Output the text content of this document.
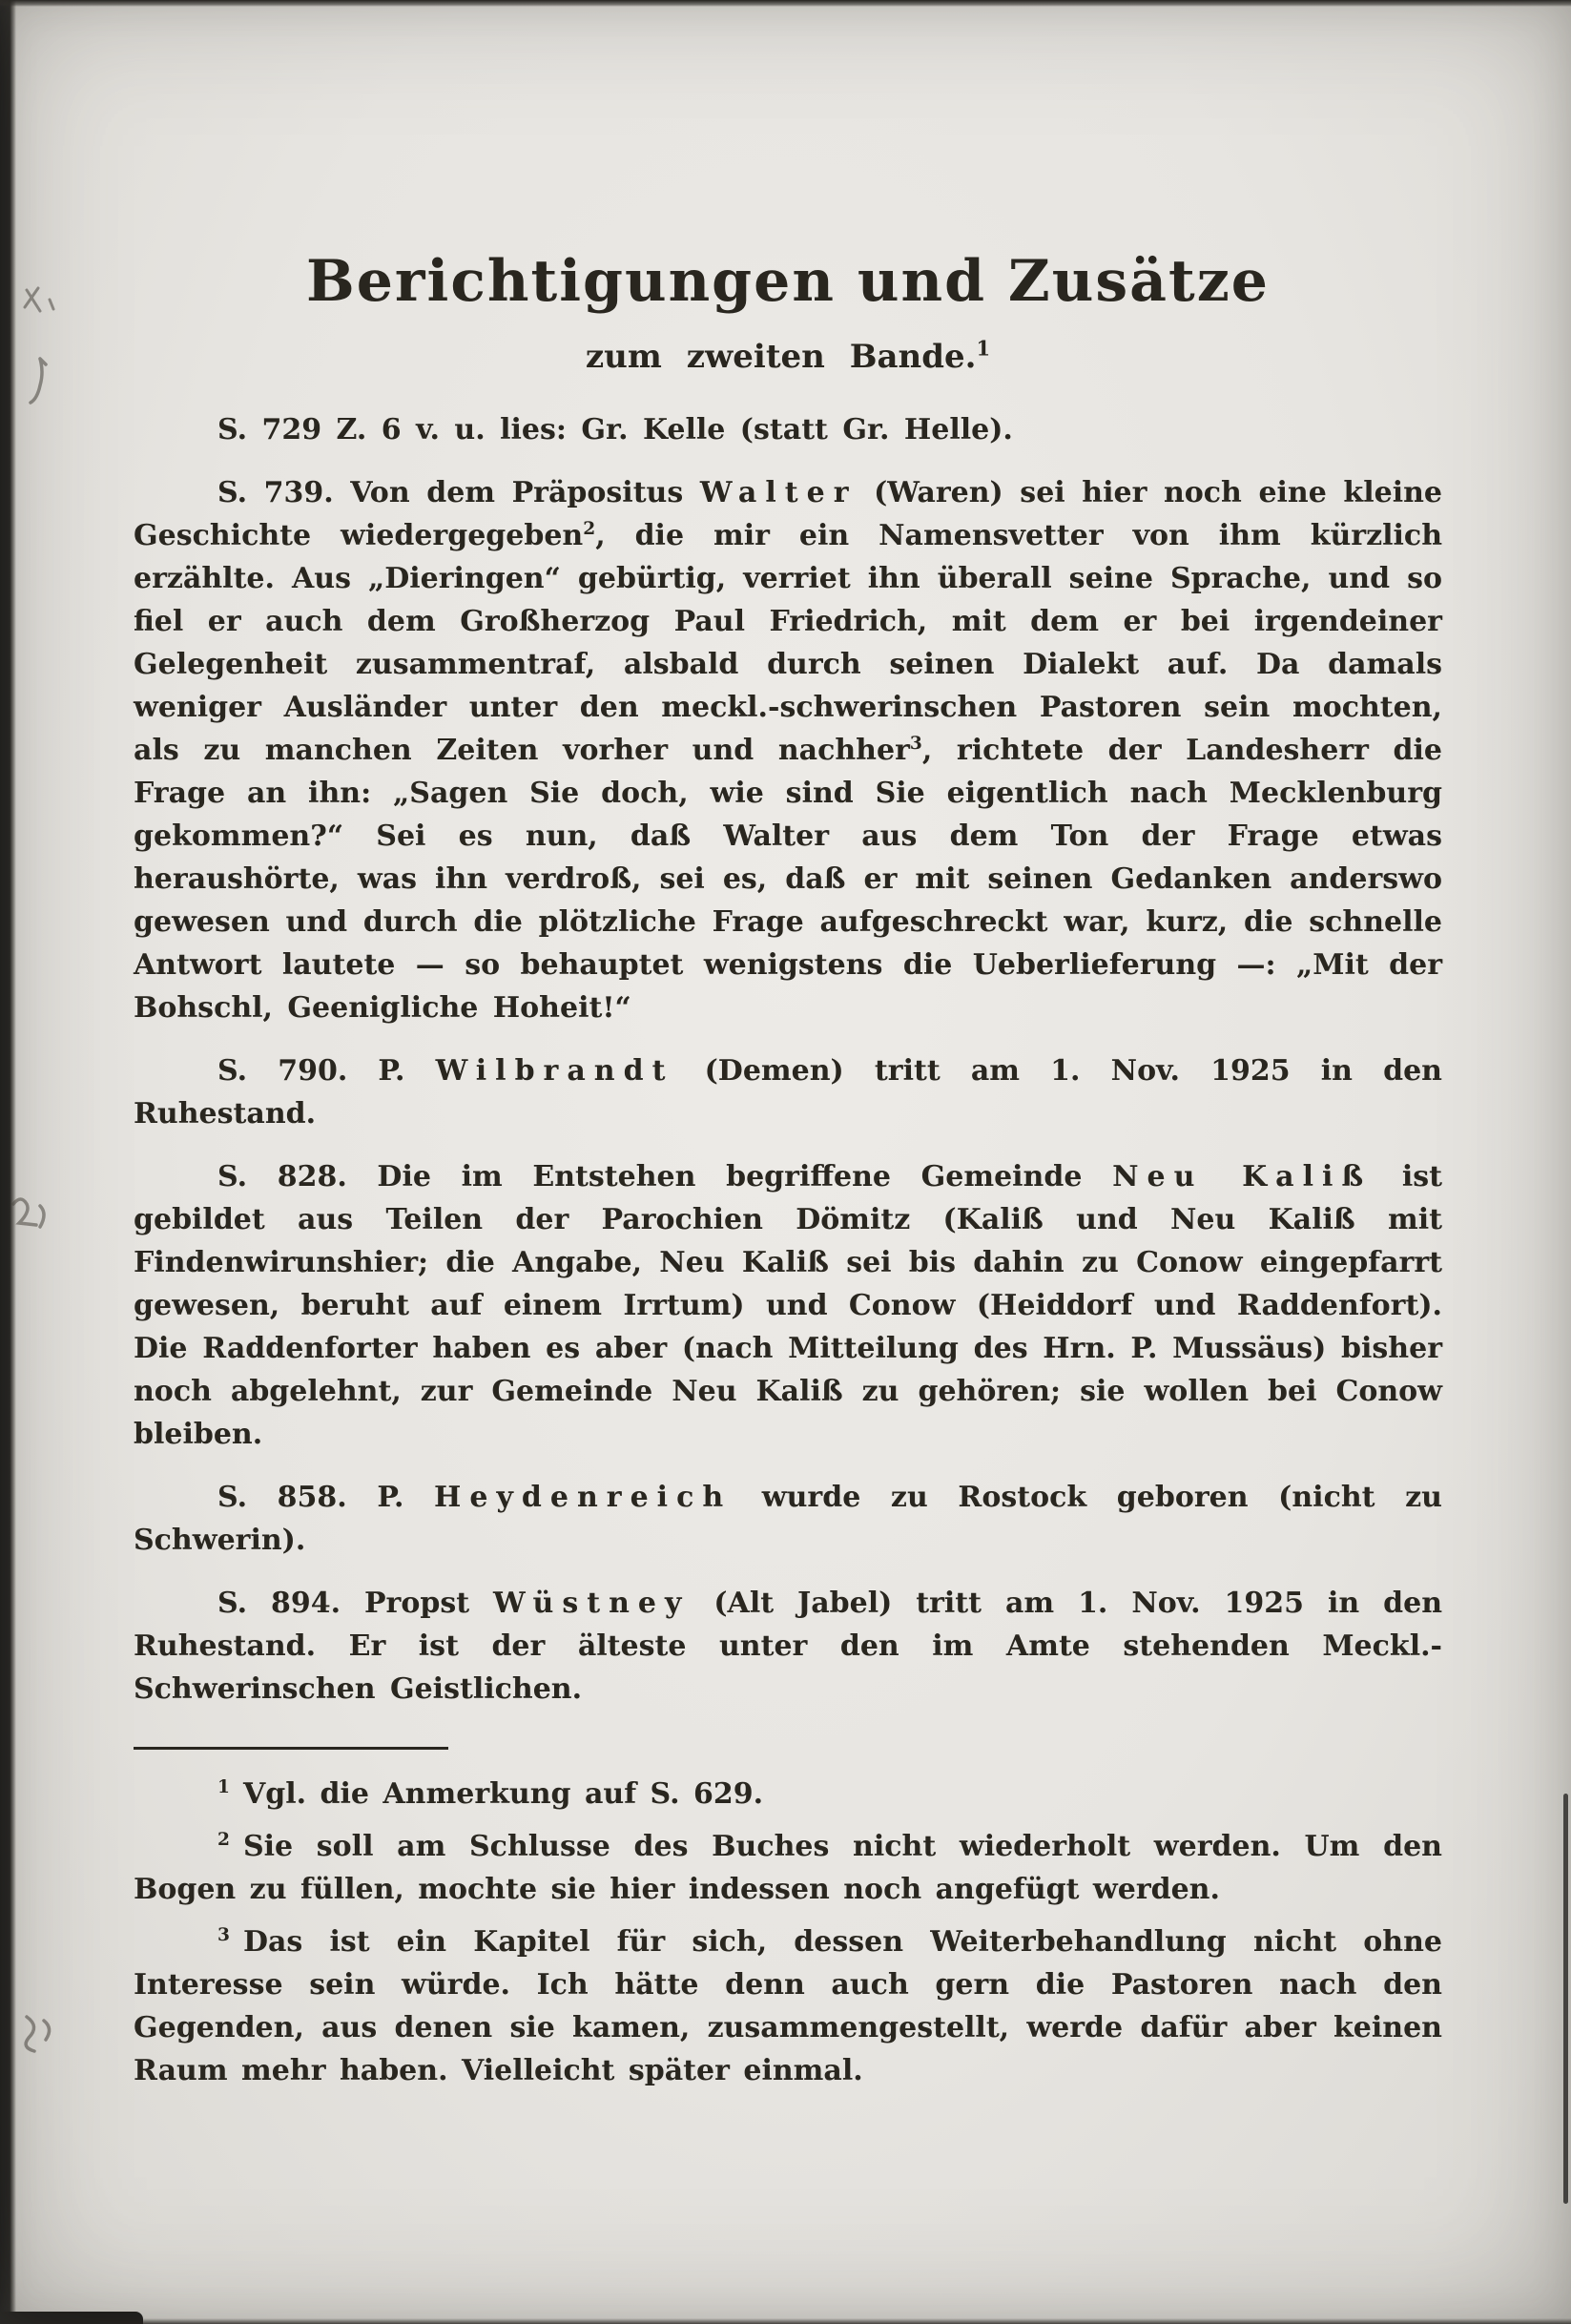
Berichtigungen und Zusätze
zum zweiten Bande.$^1$

S. 729 Z. 6 v. u. lies: Gr. Kelle (statt Gr. Helle).

S. 739. Von dem Präpositus Walter (Waren) sei hier noch eine kleine Geschichte wiedergegeben$^2$, die mir ein Namensvetter von ihm kürzlich erzählte. Aus „Dieringen“ gebürtig, verriet ihn überall seine Sprache, und so fiel er auch dem Großherzog Paul Friedrich, mit dem er bei irgendeiner Gelegenheit zusammentraf, alsbald durch seinen Dialekt auf. Da damals weniger Ausländer unter den meckl.-schwerinschen Pastoren sein mochten, als zu manchen Zeiten vorher und nachher$^3$, richtete der Landesherr die Frage an ihn: „Sagen Sie doch, wie sind Sie eigentlich nach Mecklenburg gekommen?“ Sei es nun, daß Walter aus dem Ton der Frage etwas heraushörte, was ihn verdroß, sei es, daß er mit seinen Gedanken anderswo gewesen und durch die plötzliche Frage aufgeschreckt war, kurz, die schnelle Antwort lautete — so behauptet wenigstens die Ueberlieferung —: „Mit der Bohschl, Geenigliche Hoheit!“

S. 790. P. Wilbrandt (Demen) tritt am 1. Nov. 1925 in den Ruhestand.

S. 828. Die im Entstehen begriffene Gemeinde Neu Kaliß ist gebildet aus Teilen der Parochien Dömitz (Kaliß und Neu Kaliß mit Findenwirunshier; die Angabe, Neu Kaliß sei bis dahin zu Conow eingepfarrt gewesen, beruht auf einem Irrtum) und Conow (Heiddorf und Raddenfort). Die Raddenforter haben es aber (nach Mitteilung des Hrn. P. Mussäus) bisher noch abgelehnt, zur Gemeinde Neu Kaliß zu gehören; sie wollen bei Conow bleiben.

S. 858. P. Heydenreich wurde zu Rostock geboren (nicht zu Schwerin).

S. 894. Propst Wüstney (Alt Jabel) tritt am 1. Nov. 1925 in den Ruhestand. Er ist der älteste unter den im Amte stehenden Meckl.-Schwerinschen Geistlichen.

$^1$ Vgl. die Anmerkung auf S. 629.

$^2$ Sie soll am Schlusse des Buches nicht wiederholt werden. Um den Bogen zu füllen, mochte sie hier indessen noch angefügt werden.

$^3$ Das ist ein Kapitel für sich, dessen Weiterbehandlung nicht ohne Interesse sein würde. Ich hätte denn auch gern die Pastoren nach den Gegenden, aus denen sie kamen, zusammengestellt, werde dafür aber keinen Raum mehr haben. Vielleicht später einmal.
